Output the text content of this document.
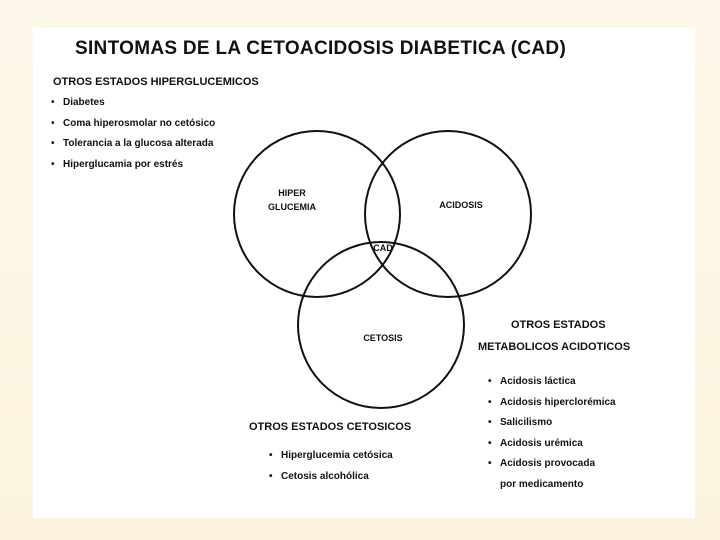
SINTOMAS DE LA CETOACIDOSIS DIABETICA (CAD)
OTROS ESTADOS HIPERGLUCEMICOS
• Diabetes
• Coma hiperosmolar no cetósico
• Tolerancia a la glucosa alterada
• Hiperglucamia por estrés
HIPER
GLUCEMIA	ACIDOSIS
CETOSIS
CAD
OTROS ESTADOS
METABOLICOS ACIDOTICOS
• Acidosis láctica
• Acidosis hiperclorémica
• Salicilismo
• Acidosis urémica
• Acidosis provocada
por medicamento
OTROS ESTADOS CETOSICOS
• Hiperglucemia cetósica
• Cetosis alcohólica
